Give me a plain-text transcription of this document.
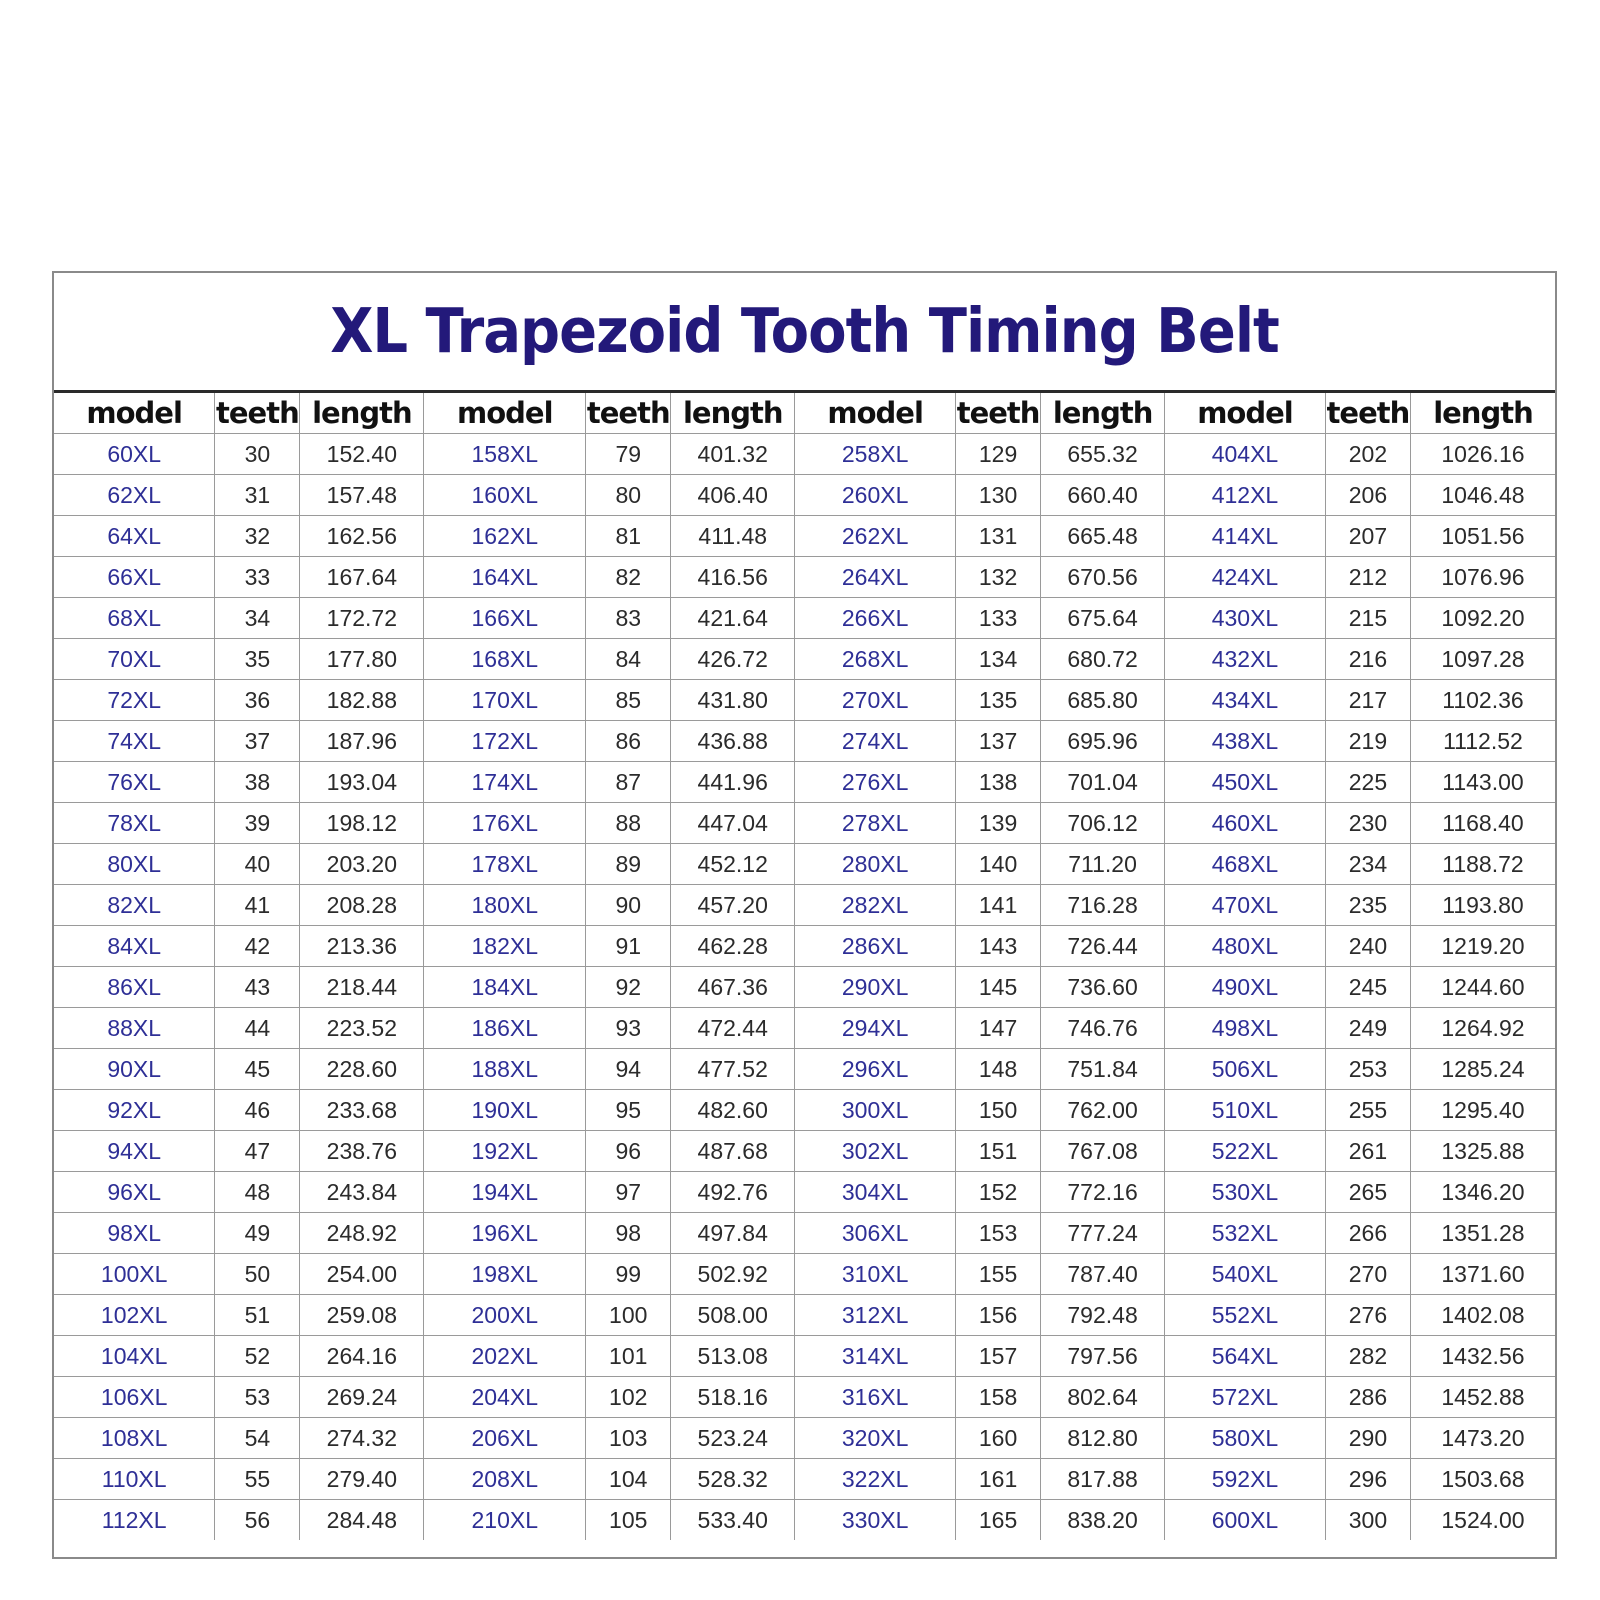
XL Trapezoid Tooth Timing Belt
model	teeth	length	model	teeth	length	model	teeth	length	model	teeth	length
60XL	30	152.40	158XL	79	401.32	258XL	129	655.32	404XL	202	1026.16
62XL	31	157.48	160XL	80	406.40	260XL	130	660.40	412XL	206	1046.48
64XL	32	162.56	162XL	81	411.48	262XL	131	665.48	414XL	207	1051.56
66XL	33	167.64	164XL	82	416.56	264XL	132	670.56	424XL	212	1076.96
68XL	34	172.72	166XL	83	421.64	266XL	133	675.64	430XL	215	1092.20
70XL	35	177.80	168XL	84	426.72	268XL	134	680.72	432XL	216	1097.28
72XL	36	182.88	170XL	85	431.80	270XL	135	685.80	434XL	217	1102.36
74XL	37	187.96	172XL	86	436.88	274XL	137	695.96	438XL	219	1112.52
76XL	38	193.04	174XL	87	441.96	276XL	138	701.04	450XL	225	1143.00
78XL	39	198.12	176XL	88	447.04	278XL	139	706.12	460XL	230	1168.40
80XL	40	203.20	178XL	89	452.12	280XL	140	711.20	468XL	234	1188.72
82XL	41	208.28	180XL	90	457.20	282XL	141	716.28	470XL	235	1193.80
84XL	42	213.36	182XL	91	462.28	286XL	143	726.44	480XL	240	1219.20
86XL	43	218.44	184XL	92	467.36	290XL	145	736.60	490XL	245	1244.60
88XL	44	223.52	186XL	93	472.44	294XL	147	746.76	498XL	249	1264.92
90XL	45	228.60	188XL	94	477.52	296XL	148	751.84	506XL	253	1285.24
92XL	46	233.68	190XL	95	482.60	300XL	150	762.00	510XL	255	1295.40
94XL	47	238.76	192XL	96	487.68	302XL	151	767.08	522XL	261	1325.88
96XL	48	243.84	194XL	97	492.76	304XL	152	772.16	530XL	265	1346.20
98XL	49	248.92	196XL	98	497.84	306XL	153	777.24	532XL	266	1351.28
100XL	50	254.00	198XL	99	502.92	310XL	155	787.40	540XL	270	1371.60
102XL	51	259.08	200XL	100	508.00	312XL	156	792.48	552XL	276	1402.08
104XL	52	264.16	202XL	101	513.08	314XL	157	797.56	564XL	282	1432.56
106XL	53	269.24	204XL	102	518.16	316XL	158	802.64	572XL	286	1452.88
108XL	54	274.32	206XL	103	523.24	320XL	160	812.80	580XL	290	1473.20
110XL	55	279.40	208XL	104	528.32	322XL	161	817.88	592XL	296	1503.68
112XL	56	284.48	210XL	105	533.40	330XL	165	838.20	600XL	300	1524.00
